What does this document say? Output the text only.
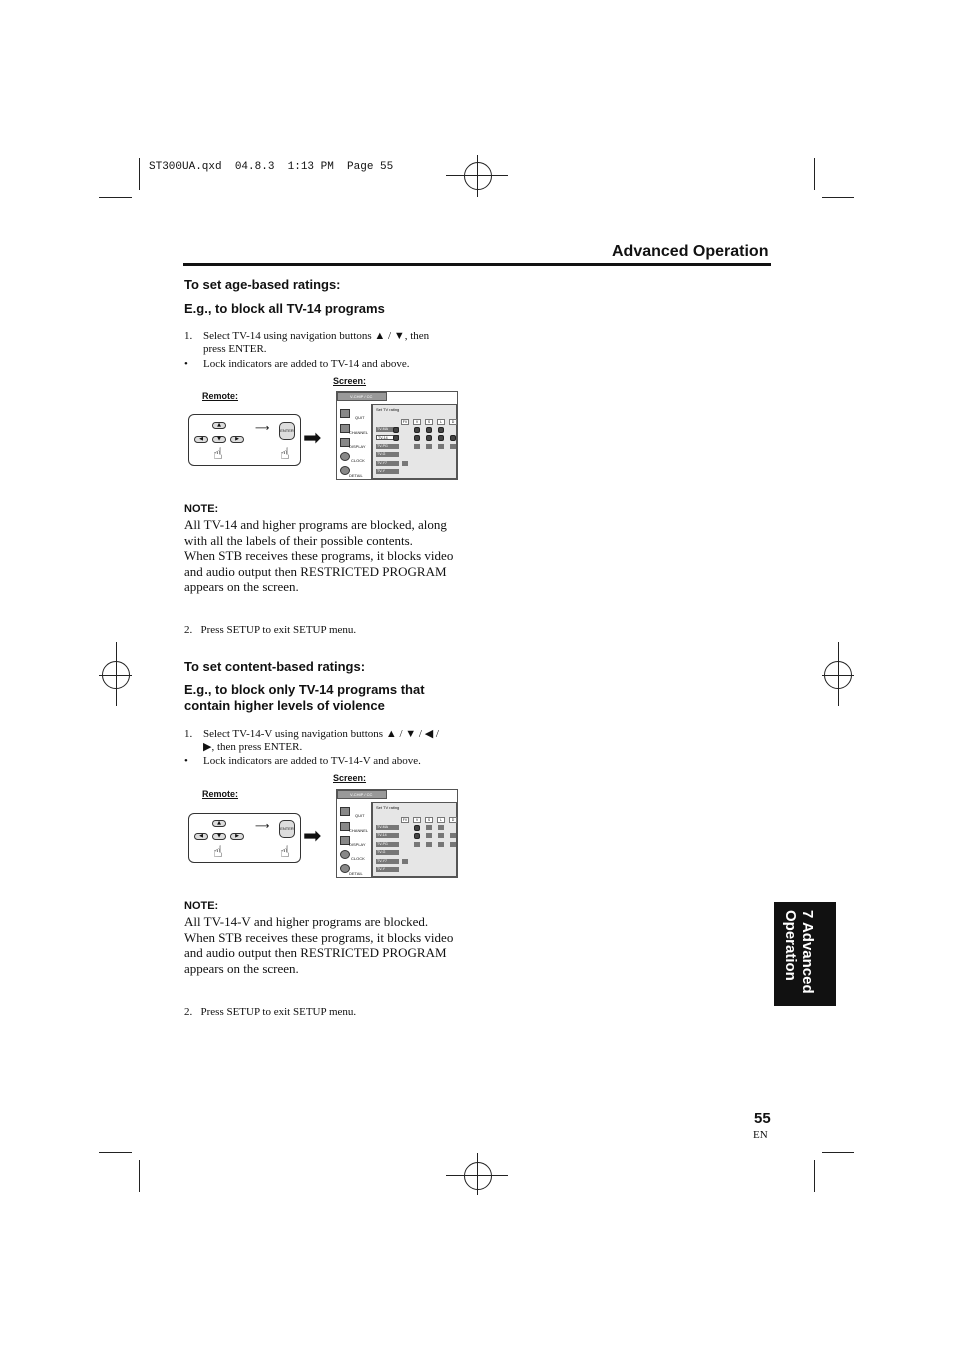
ST300UA.qxd  04.8.3  1:13 PM  Page 55
Advanced Operation
To set age-based ratings:
E.g., to block all TV-14 programs
1. Select TV-14 using navigation buttons ▲ / ▼, then
press ENTER.
• Lock indicators are added to TV-14 and above.
Screen:
Remote:
▲
◀	▼	▶
⟶	ENTER
☝	☝
➡
V-CHIP / CC
QUIT
CHANNEL
DISPLAY
CLOCK
DETAIL
Set TV rating
FV	V	S	L	D
TV-MA
TV-14
TV-PG
TV-G
TV-Y7
TV-Y
NOTE:
All TV-14 and higher programs are blocked, along
with all the labels of their possible contents.
When STB receives these programs, it blocks video
and audio output then RESTRICTED PROGRAM
appears on the screen.
2.   Press SETUP to exit SETUP menu.
To set content-based ratings:
E.g., to block only TV-14 programs that
contain higher levels of violence
1. Select TV-14-V using navigation buttons ▲ / ▼ / ◀ /
▶, then press ENTER.
• Lock indicators are added to TV-14-V and above.
Screen:
Remote:
▲
◀	▼	▶
⟶	ENTER
☝	☝
➡
V-CHIP / CC
QUIT
CHANNEL
DISPLAY
CLOCK
DETAIL
Set TV rating
FV	V	S	L	D
TV-MA
TV-14
TV-PG
TV-G
TV-Y7
TV-Y
NOTE:
All TV-14-V and higher programs are blocked.
When STB receives these programs, it blocks video
and audio output then RESTRICTED PROGRAM
appears on the screen.
2.   Press SETUP to exit SETUP menu.
7 Advanced
Operation
55
EN
